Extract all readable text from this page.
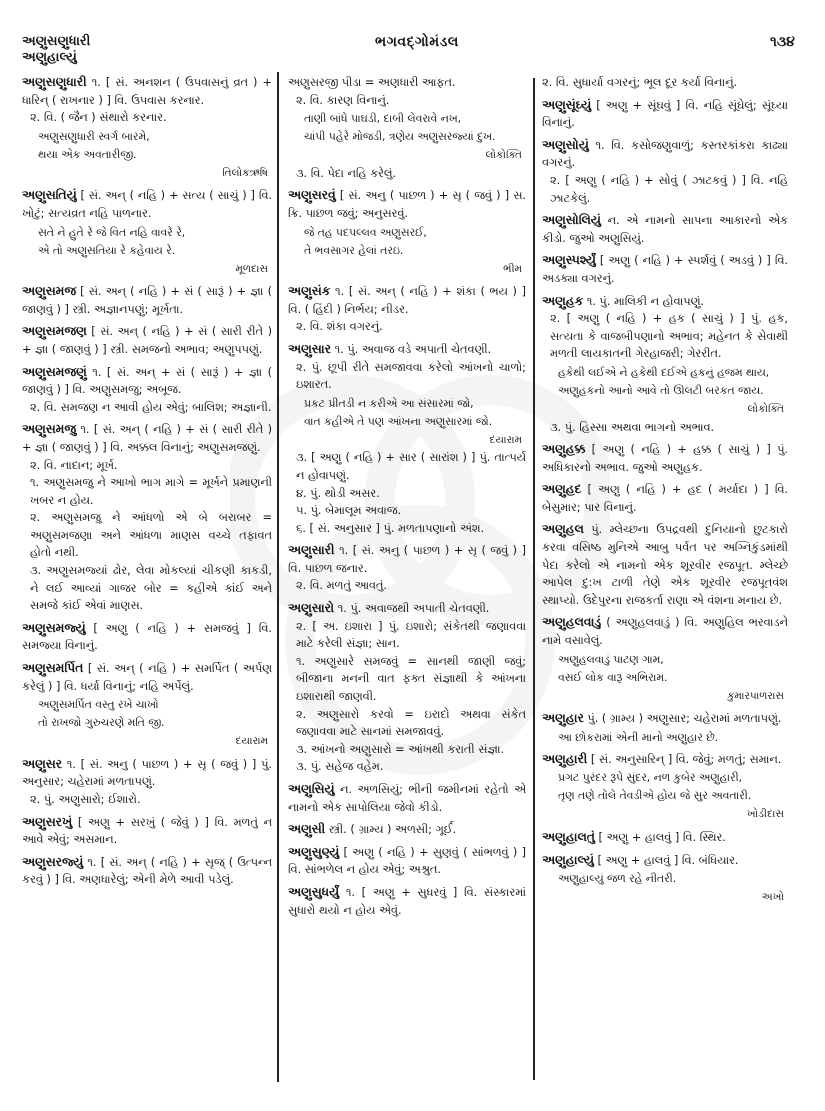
અણુસણુધારી
અણુહાલ્યું
ભગવદ્ગોમંડલ	૧૩૪
અણુસણુધારી ૧. [ સં. અનશન ( ઉપવાસનું વ્રત ) + ધારિન્ ( રાખનાર ) ] વિ. ઉપવાસ કરનાર.
૨. વિ. ( જૈન ) સંથારો કરનાર.
અણુસણુધારી સ્વર્ગ બારમે,
થયા એક અવતારીજી.
તિલોકઋષિ
અણુસતિયું [ સં. અન્ ( નહિ ) + સત્ય ( સાચું ) ] વિ. ખોટું; સત્યવ્રત નહિ પાળનાર.
સતે ને હુતે રે જે વિત નહિ વાવરે રે,
એ તો અણુસતિયા રે કહેવાય રે.
મૂળદાસ
અણુસમજ [ સં. અન્ ( નહિ ) + સં ( સારૂં ) + જ્ઞા ( જાણવું ) ] સ્ત્રી. અજ્ઞાનપણું; મૂર્ખતા.
અણુસમજણ [ સં. અન્ ( નહિ ) + સં ( સારી રીતે ) + જ્ઞા ( જાણવું ) ] સ્ત્રી. સમજનો અભાવ; અણુપપણું.
અણુસમજણું ૧. [ સં. અન્ + સં ( સારૂં ) + જ્ઞા ( જાણવું ) ] વિ. અણુસમજુ; અબૂજ.
૨. વિ. સમજણ ન આવી હોય એવું; બાલિશ; અજ્ઞાની.
અણુસમજુ ૧. [ સં. અન્ ( નહિ ) + સં ( સારી રીતે ) + જ્ઞા ( જાણવું ) ] વિ. અક્કલ વિનાનું; અણુસમજણું.
૨. વિ. નાદાન; મૂર્ખ.
૧. અણુસમજુ ને આખો ભાગ માગે = મૂર્ખને પ્રમાણની ખબર ન હોય.
૨. અણુસમજુ ને આંધળો એ બે બરાબર = અણુસમજણા અને આંધળા માણસ વચ્ચે તફાવત હોતો નથી.
૩. અણુસમજ્યાં ઢોર, લેવા મોકલ્યાં ચીકણી કાકડી, ને લઈ આવ્યાં ગાજર બોર = કહીએ કાંઈ અને સમજે કાંઈ એવાં માણસ.
અણુસમજ્યું [ અણુ ( નહિ ) + સમજવું ] વિ. સમજ્યા વિનાનું.
અણુસમર્પિત [ સં. અન્ ( નહિ ) + સમર્પિત ( અર્પણ કરેલું ) ] વિ. ધર્યા વિનાનું; નહિ અર્પેલું.
અણુસમર્પિત વસ્તુ રખે ચાખો
તો રાખજો ગુરુચરણે મતિ જી.
દયારામ
અણુસર ૧. [ સં. અનુ ( પાછળ ) + સૃ ( જવું ) ] પું. અનુસાર; ચહેરામાં મળતાપણું.
૨. પું. અણુસારો; ઈશારો.
અણુસરખું [ અણુ + સરખું ( જેવું ) ] વિ. મળતું ન આવે એવું; અસમાન.
અણુસરજ્યું ૧. [ સં. અન્ ( નહિ ) + સૃજ્ ( ઉત્પન્ન કરવું ) ] વિ. અણધારેલું; એની મેળે આવી પડેલું.
અણુસરજી પીડા = અણધારી આફત.
૨. વિ. કારણ વિનાનું.
તાણી બાંધે પાઘડી, દાબી લેવરાવે નખ,
ચાંપી પહેરે મોજડી, ત્રણેય અણુસરજ્યાં દુખ.
લોકોક્તિ
૩. વિ. પેદા નહિ કરેલું.
અણુસરવું [ સં. અનુ ( પાછળ ) + સૃ ( જવું ) ] સ. ક્રિ. પાછળ જવું; અનુસરવું.
જે તહ પદપલ્લવ અણુસરઈ,
તે ભવસાગર હેલાં તરઇ.
ભીમ
અણુસંક ૧. [ સં. અન્ ( નહિ ) + શંકા ( ભય ) ] વિ. ( હિંદી ) નિર્ભય; નીડર.
૨. વિ. શંકા વગરનું.
અણુસાર ૧. પું. અવાજ વડે અપાતી ચેતવણી.
૨. પું. છૂપી રીતે સમજાવવા કરેલો આંખનો ચાળો; ઇશારત.
પ્રકટ પ્રીતડી ન કરીએ આ સંસારમાં જો,
વાત કહીએ તે પણ આંખના અણુસારમાં જો.
દયારામ
૩. [ અણુ ( નહિ ) + સાર ( સારાંશ ) ] પું. તાત્પર્ય ન હોવાપણું.
૪. પું. થોડી અસર.
૫. પું. બેમાલૂમ અવાજ.
૬. [ સં. અનુસાર ] પું. મળતાપણાનો અંશ.
અણુસારી ૧. [ સં. અનુ ( પાછળ ) + સૃ ( જવું ) ] વિ. પાછળ જનાર.
૨. વિ. મળતું આવતું.
અણુસારો ૧. પું. અવાજથી અપાતી ચેતવણી.
૨. [ અ. ઇશારા ] પું. ઇશારો; સંકેતથી જણાવવા માટે કરેલી સંજ્ઞા; સાન.
૧. અણુસારે સમજવું = સાનથી જાણી જવું; બીજાના મનની વાત ફક્ત સંજ્ઞાથી કે આંખના ઇશારાથી જાણવી.
૨. અણુસારો કરવો = ઇરાદો અથવા સંકેત જણાવવા માટે સાનમાં સમજાવવું.
૩. આંખનો અણુસારો = આંખથી કરાતી સંજ્ઞા.
૩. પું. સહેજ વહેમ.
અણુસિયું ન. અળસિયું; ભીની જમીનમાં રહેતો એ નામનો એક સાપોલિયા જેવો કીડો.
અણુસી સ્ત્રી. ( ગ્રામ્ય ) અળસી; ગૂર્ઈ.
અણુસુણ્યું [ અણુ ( નહિ ) + સુણવું ( સાંભળવું ) ] વિ. સાંભળેલ ન હોય એવું; અશ્રુત.
અણુસુધર્યું ૧. [ અણુ + સુધરવું ] વિ. સંસ્કારમાં સુધારો થયો ન હોય એવું.
૨. વિ. સુધાર્યા વગરનું; ભૂલ દૂર કર્યા વિનાનું.
અણુસૂંઘ્યું [ અણુ + સૂંઘવું ] વિ. નહિ સૂંઘેલું; સૂંઘ્યા વિનાનું.
અણુસોયું ૧. વિ. કસોજણુવાળું; કસ્તરકાંકરા કાઢ્યા વગરનું.
૨. [ અણુ ( નહિ ) + સોવું ( ઝાટકવું ) ] વિ. નહિ ઝાટકેલું.
અણુસોલિયું ન. એ નામનો સાપના આકારનો એક કીડો. જુઓ અણુસિયું.
અણુસ્પર્શ્યું [ અણુ ( નહિ ) + સ્પર્શવું ( અડવું ) ] વિ. અડક્યા વગરનું.
અણુહક ૧. પું. માલિકી ન હોવાપણું.
૨. [ અણુ ( નહિ ) + હક ( સાચું ) ] પું. હક, સત્યતા કે વાજબીપણાનો અભાવ; મહેનત કે સેવાથી મળતી લાયકાતની ગેરહાજરી; ગેરરીત.
હકેથી લઈએ ને હકેથી દઈએ હકનું હજમ થાય,
અણુહકનો આનો આવે તો ઊલટી બરકત જાય.
લોકોક્તિ
૩. પું. હિસ્સા અથવા ભાગનો અભાવ.
અણુહક્ક [ અણુ ( નહિ ) + હક્ક ( સાચું ) ] પું. અધિકારનો અભાવ. જુઓ અણુહક.
અણુહદ [ અણુ ( નહિ ) + હદ ( મર્યાદા ) ] વિ. બેસુમાર; પાર વિનાનું.
અણુહલ પું. મ્લેચ્છના ઉપદ્રવથી દુનિયાનો છુટકારો કરવા વસિષ્ઠ મુનિએ આબુ પર્વત પર અગ્નિકુંડમાંથી પેદા કરેલો એ નામનો એક શૂરવીર રજપૂત. મ્લેચ્છે આપેલ દુ:ખ ટાળી તેણે એક શૂરવીર રજપૂતવંશ સ્થાપ્યો. ઉદેપુરના રાજકર્તા રાણા એ વંશના મનાય છે.
અણુહલવાડું ( અણુહલવાડું ) વિ. અણુહિલ ભરવાડને નામે વસાવેલું.
અણુહલવાડું પાટણ ગામ,
વસઈ લોક વારૂ અભિરામ.
કુમારપાળરાસ
અણુહાર પું. ( ગ્રામ્ય ) અણુસાર; ચહેરામાં મળતાપણું.
આ છોકરામાં એની માનો અણુહાર છે.
અણુહારી [ સં. અનુસારિન્ ] વિ. જેવું; મળતું; સમાન.
પ્રગટ પુરંદર રૂપે સુંદર, નળ કુબેર અણુહારી,
તૃણ તણે તોલે તેવડીએ હોય જે સુર અવતારી.
ખોડીદાસ
અણુહાલતું [ અણુ + હાલવું ] વિ. સ્થિર.
અણુહાલ્યું [ અણુ + હાલવું ] વિ. બંધિયાર.
અણુહાલ્યું જળ રહે નીતરી.
અખો
